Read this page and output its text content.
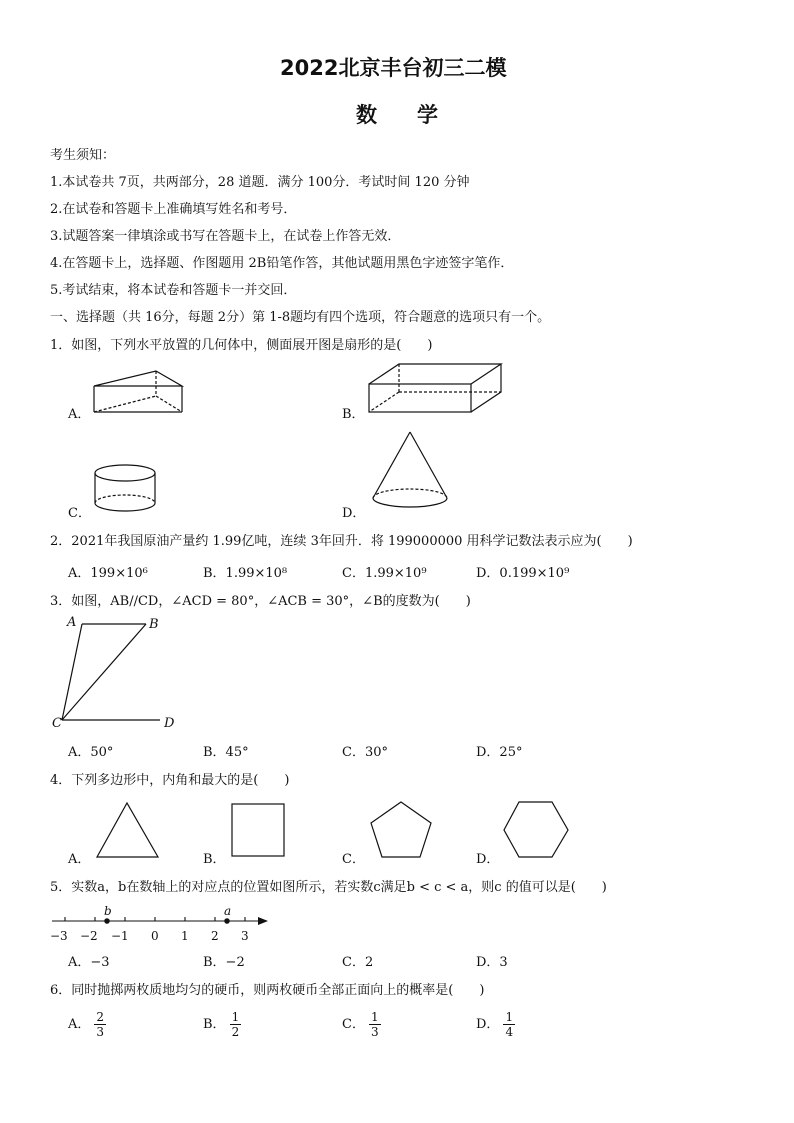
2022北京丰台初三二模
数学
考生须知：
1.本试卷共 7页，共两部分，28 道题．满分 100分．考试时间 120 分钟
2.在试卷和答题卡上准确填写姓名和考号．
3.试题答案一律填涂或书写在答题卡上，在试卷上作答无效．
4.在答题卡上，选择题、作图题用 2B铅笔作答，其他试题用黑色字迹签字笔作．
5.考试结束，将本试卷和答题卡一并交回．
一、选择题（共 16分，每题 2分）第 1-8题均有四个选项，符合题意的选项只有一个。
1．如图，下列水平放置的几何体中，侧面展开图是扇形的是(　　)
A．	B．
C．	D．
2．2021年我国原油产量约 1.99亿吨，连续 3年回升．将 199000000 用科学记数法表示应为(　　)
A．199×10⁶	B．1.99×10⁸	C．1.99×10⁹	D．0.199×10⁹
3．如图，AB//CD，∠ACD = 80°，∠ACB = 30°，∠B的度数为(　　)
A	B
C	D
A．50°	B．45°	C．30°	D．25°
4．下列多边形中，内角和最大的是(　　)
A．	B．	C．	D．
5．实数a，b在数轴上的对应点的位置如图所示，若实数c满足b < c < a，则c 的值可以是(　　)
b	a
−3 −2 −1 0 1 2 3
A．−3	B．−2	C．2	D．3
6．同时抛掷两枚质地均匀的硬币，则两枚硬币全部正面向上的概率是(　　)
A． $\frac{2}{3}$	B． $\frac{1}{2}$	C． $\frac{1}{3}$	D． $\frac{1}{4}$
